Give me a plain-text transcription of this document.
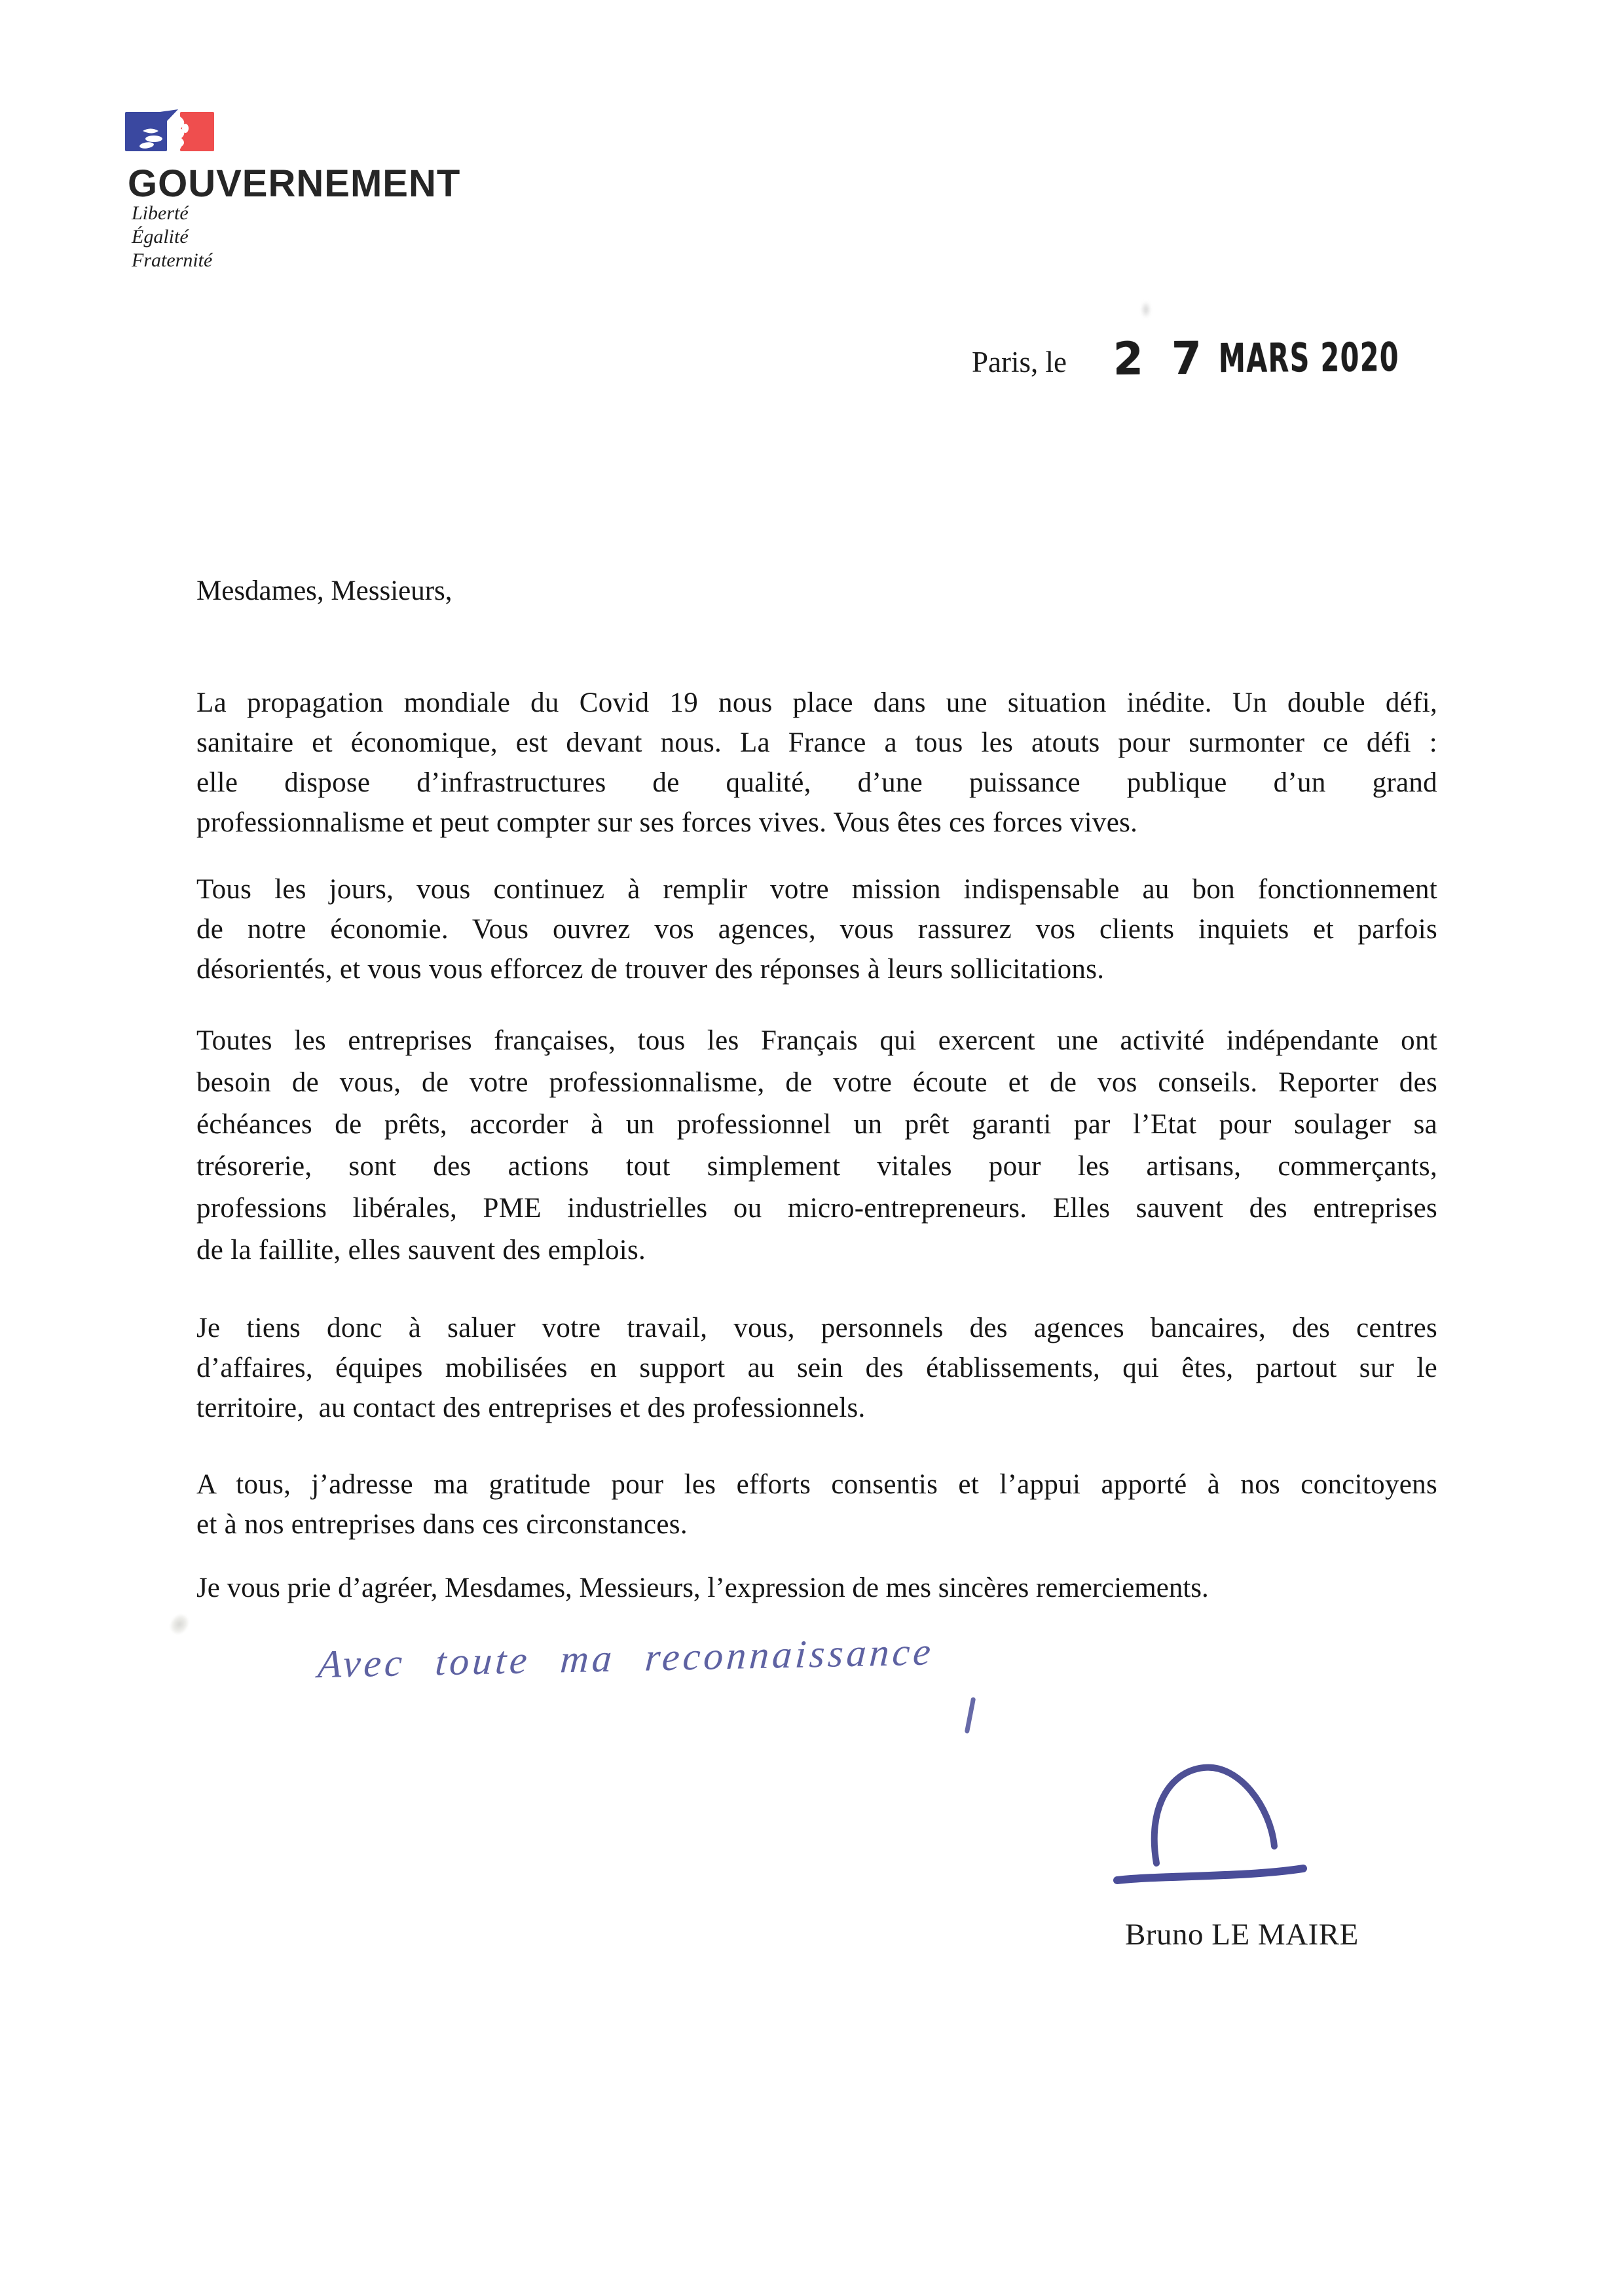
GOUVERNEMENT
Liberté
Égalité
Fraternité
Paris, le 2 7 MARS 2020
Mesdames, Messieurs,
La propagation mondiale du Covid 19 nous place dans une situation inédite. Un double défi,
sanitaire et économique, est devant nous. La France a tous les atouts pour surmonter ce défi :
elle dispose d’infrastructures de qualité, d’une puissance publique d’un grand
professionnalisme et peut compter sur ses forces vives. Vous êtes ces forces vives.
Tous les jours, vous continuez à remplir votre mission indispensable au bon fonctionnement
de notre économie. Vous ouvrez vos agences, vous rassurez vos clients inquiets et parfois
désorientés, et vous vous efforcez de trouver des réponses à leurs sollicitations.
Toutes les entreprises françaises, tous les Français qui exercent une activité indépendante ont
besoin de vous, de votre professionnalisme, de votre écoute et de vos conseils. Reporter des
échéances de prêts, accorder à un professionnel un prêt garanti par l’Etat pour soulager sa
trésorerie, sont des actions tout simplement vitales pour les artisans, commerçants,
professions libérales, PME industrielles ou micro-entrepreneurs. Elles sauvent des entreprises
de la faillite, elles sauvent des emplois.
Je tiens donc à saluer votre travail, vous, personnels des agences bancaires, des centres
d’affaires, équipes mobilisées en support au sein des établissements, qui êtes, partout sur le
territoire,  au contact des entreprises et des professionnels.
A tous, j’adresse ma gratitude pour les efforts consentis et l’appui apporté à nos concitoyens
et à nos entreprises dans ces circonstances.
Je vous prie d’agréer, Mesdames, Messieurs, l’expression de mes sincères remerciements.
Avec toute ma reconnaissance
Bruno LE MAIRE
